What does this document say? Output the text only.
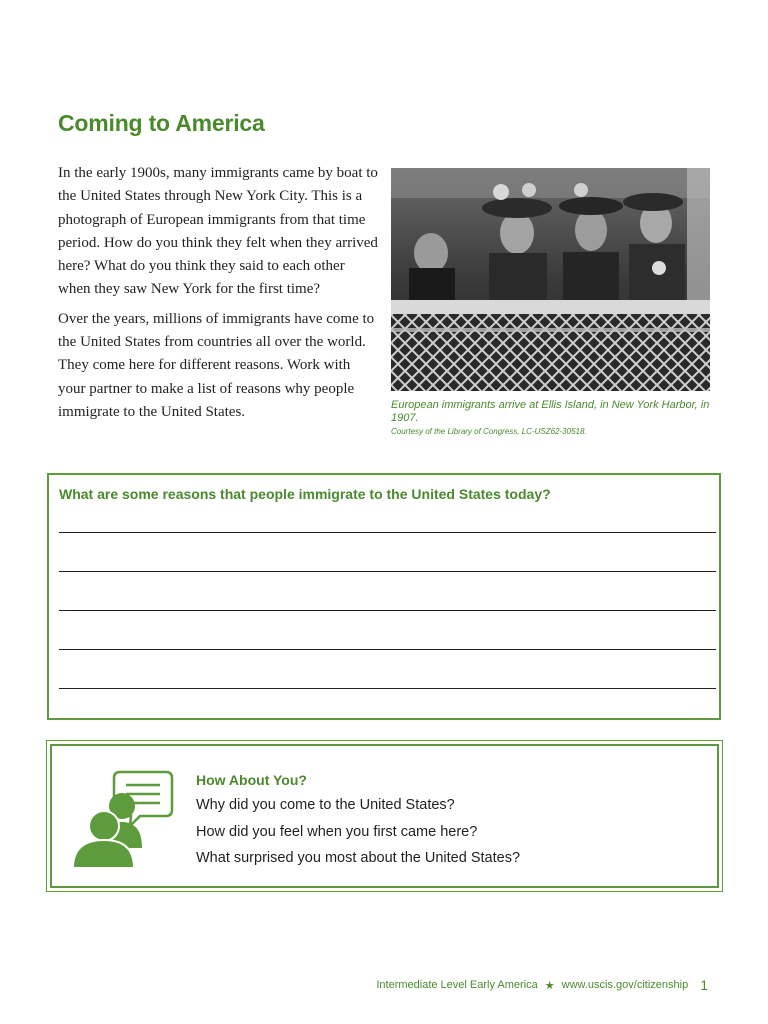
Coming to America

In the early 1900s, many immigrants came by boat to the United States through New York City. This is a photograph of European immigrants from that time period. How do you think they felt when they arrived here? What do you think they said to each other when they saw New York for the first time?

Over the years, millions of immigrants have come to the United States from countries all over the world. They come here for different reasons. Work with your partner to make a list of reasons why people immigrate to the United States.	European immigrants arrive at Ellis Island, in New York Harbor, in 1907.
Courtesy of the Library of Congress, LC-USZ62-30518.
What are some reasons that people immigrate to the United States today?
How About You?
Why did you come to the United States?
How did you feel when you first came here?
What surprised you most about the United States?
Intermediate Level Early America ★ www.uscis.gov/citizenship 1
